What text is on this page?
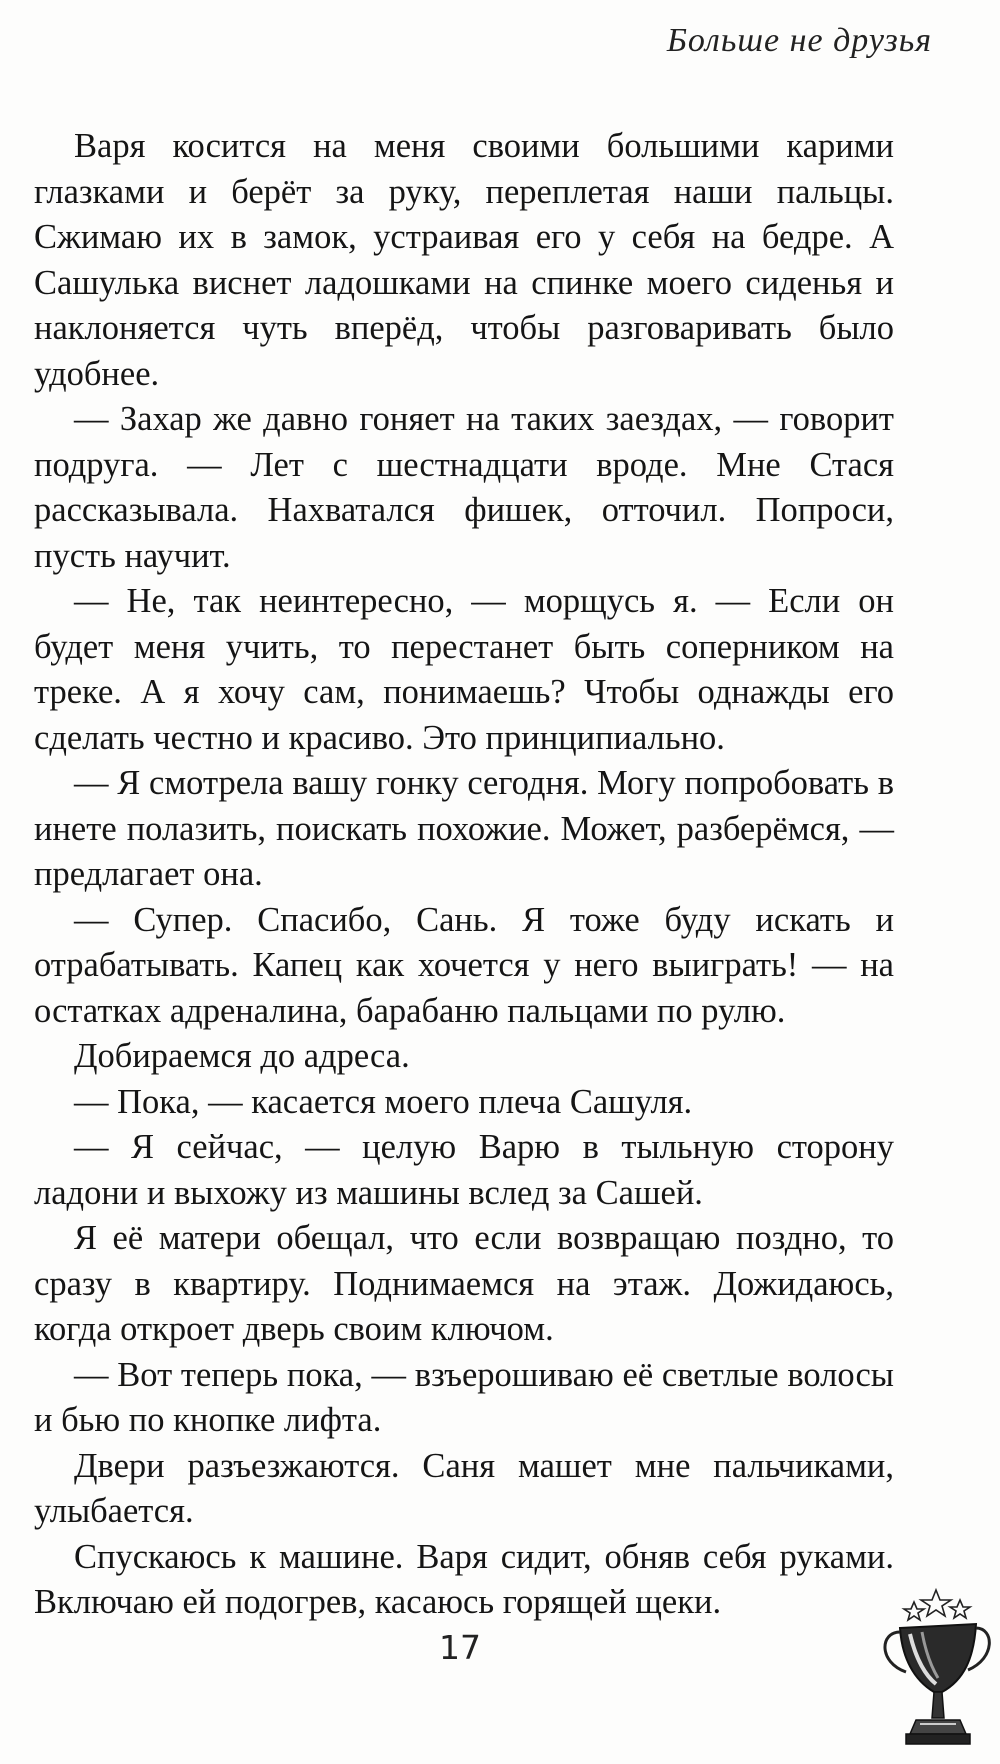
Больше не друзья

Варя косится на меня своими большими карими глазками и берёт за руку, переплетая наши пальцы. Сжимаю их в замок, устраивая его у себя на бедре. А Сашулька виснет ладошками на спинке моего сиденья и наклоняется чуть вперёд, чтобы разговаривать было удобнее.

— Захар же давно гоняет на таких заездах, — говорит подруга. — Лет с шестнадцати вроде. Мне Стася рассказывала. Нахватался фишек, отточил. Попроси, пусть научит.

— Не, так неинтересно, — морщусь я. — Если он будет меня учить, то перестанет быть соперником на треке. А я хочу сам, понимаешь? Чтобы однажды его сделать честно и красиво. Это принципиально.

— Я смотрела вашу гонку сегодня. Могу попробовать в инете полазить, поискать похожие. Может, разберёмся, — предлагает она.

— Супер. Спасибо, Сань. Я тоже буду искать и отрабатывать. Капец как хочется у него выиграть! — на остатках адреналина, барабаню пальцами по рулю.

Добираемся до адреса.

— Пока, — касается моего плеча Сашуля.

— Я сейчас, — целую Варю в тыльную сторону ладони и выхожу из машины вслед за Сашей.

Я её матери обещал, что если возвращаю поздно, то сразу в квартиру. Поднимаемся на этаж. Дожидаюсь, когда откроет дверь своим ключом.

— Вот теперь пока, — взъерошиваю её светлые волосы и бью по кнопке лифта.

Двери разъезжаются. Саня машет мне пальчиками, улыбается.

Спускаюсь к машине. Варя сидит, обняв себя руками. Включаю ей подогрев, касаюсь горящей щеки.

17
